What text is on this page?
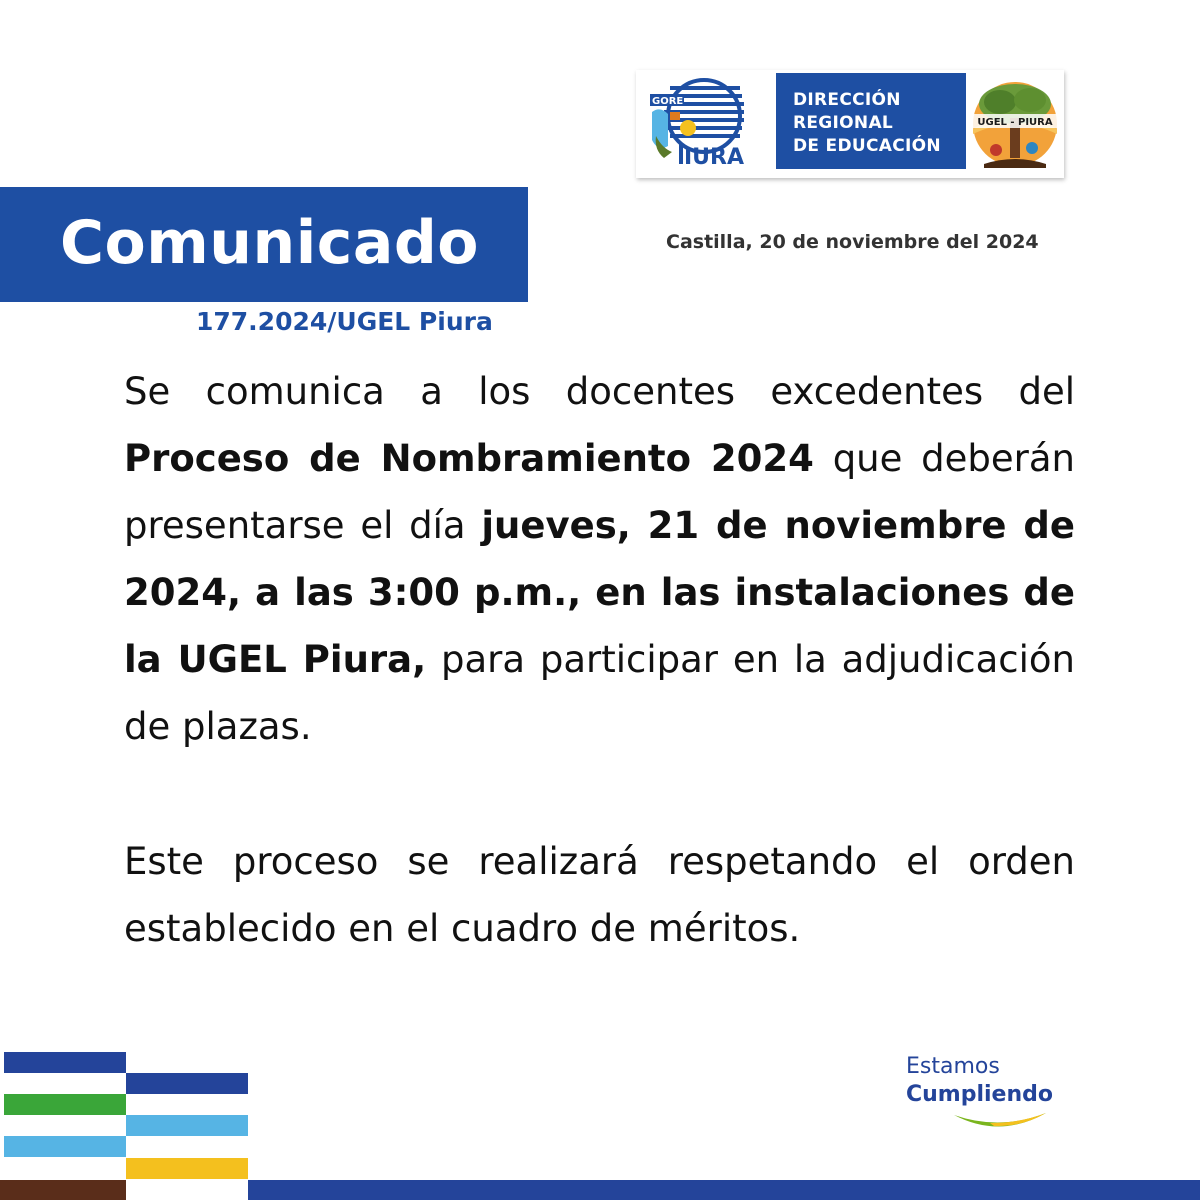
GORE
IURA
DIRECCIÓN
REGIONAL
DE EDUCACIÓN
UGEL - PIURA
Comunicado
177.2024/UGEL Piura
Castilla, 20 de noviembre del 2024

Se comunica a los docentes excedentes del Proceso de Nombramiento 2024 que deberán presentarse el día jueves, 21 de noviembre de 2024, a las 3:00 p.m., en las instalaciones de la UGEL Piura, para participar en la adjudicación de plazas.

Este proceso se realizará respetando el orden establecido en el cuadro de méritos.

Estamos
Cumpliendo
